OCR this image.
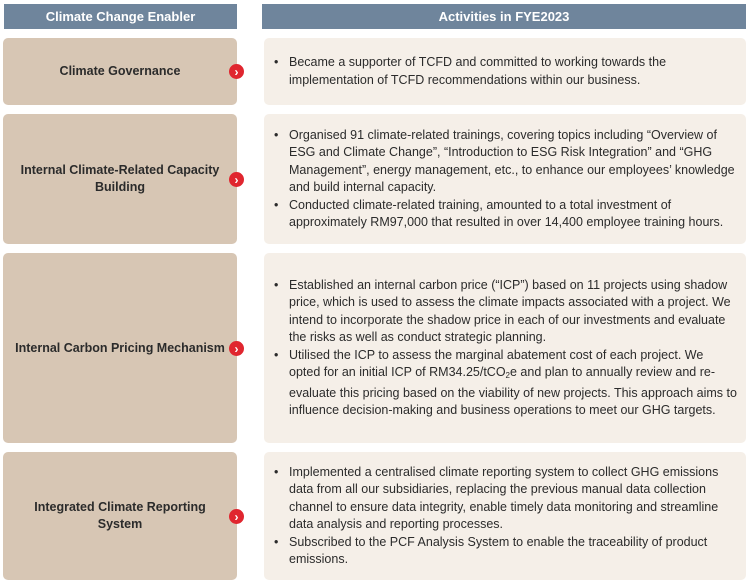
Climate Change Enabler	Activities in FYE2023
Climate Governance	›
• Became a supporter of TCFD and committed to working towards the implementation of TCFD recommendations within our business.
Internal Climate-Related Capacity Building
›
• Organised 91 climate-related trainings, covering topics including “Overview of ESG and Climate Change”, “Introduction to ESG Risk Integration” and “GHG Management”, energy management, etc., to enhance our employees’ knowledge and build internal capacity.
• Conducted climate-related training, amounted to a total investment of approximately RM97,000 that resulted in over 14,400 employee training hours.
Internal Carbon Pricing Mechanism ›
• Established an internal carbon price (“ICP”) based on 11 projects using shadow price, which is used to assess the climate impacts associated with a project. We intend to incorporate the shadow price in each of our investments and evaluate the risks as well as conduct strategic planning.
• Utilised the ICP to assess the marginal abatement cost of each project. We opted for an initial ICP of RM34.25/tCO$_2$e and plan to annually review and re-evaluate this pricing based on the viability of new projects. This approach aims to influence decision-making and business operations to meet our GHG targets.
Integrated Climate Reporting System
›
• Implemented a centralised climate reporting system to collect GHG emissions data from all our subsidiaries, replacing the previous manual data collection channel to ensure data integrity, enable timely data monitoring and streamline data analysis and reporting processes.
• Subscribed to the PCF Analysis System to enable the traceability of product emissions.
